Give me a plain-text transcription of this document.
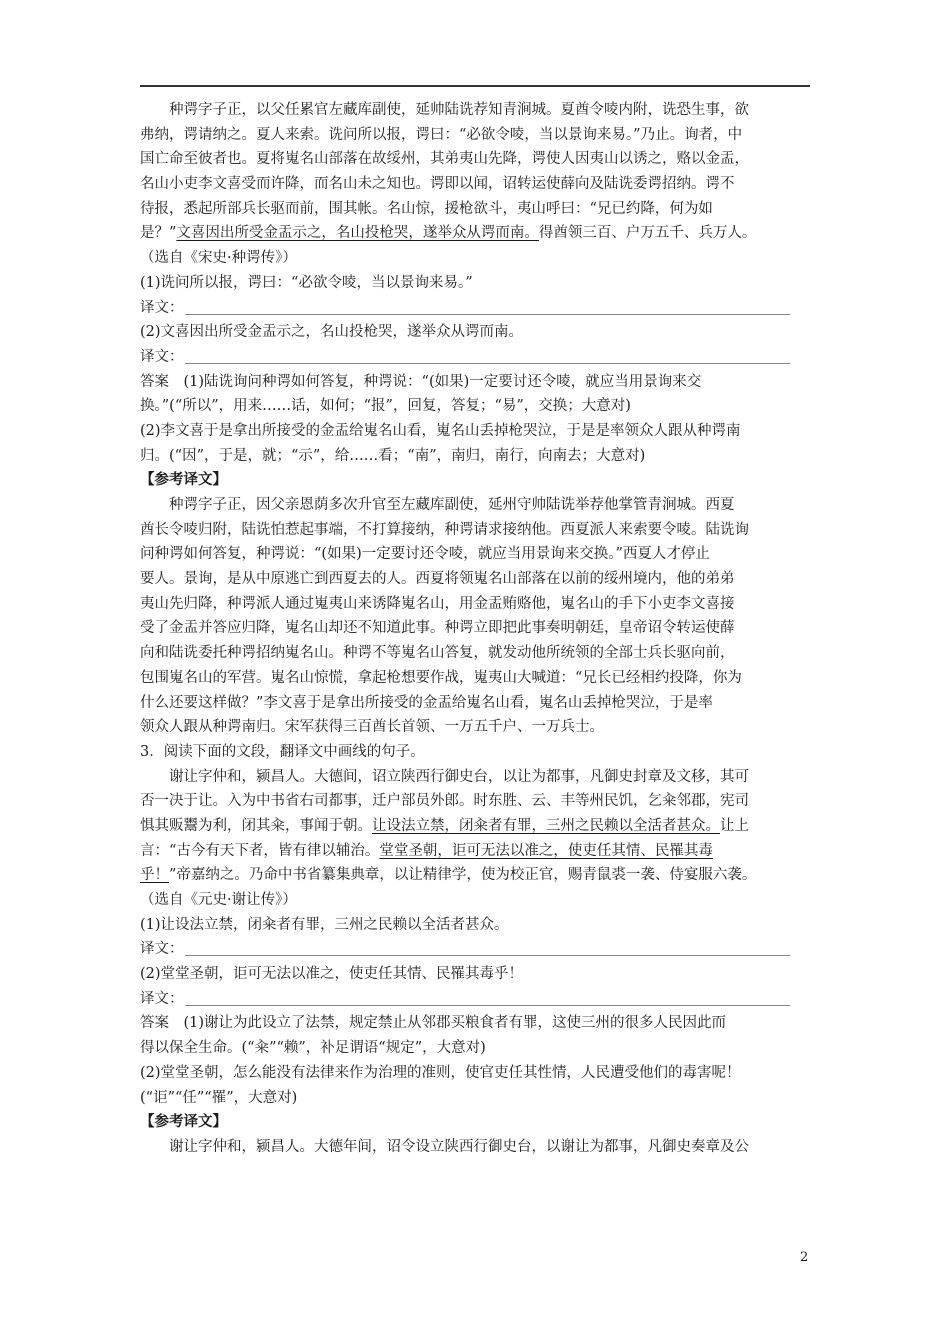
种谔字子正，以父任累官左藏库副使，延帅陆诜荐知青涧城。夏酋令㖫内附，诜恐生事，欲
弗纳，谔请纳之。夏人来索。诜问所以报，谔曰：“必欲令㖫，当以景询来易。”乃止。询者，中
国亡命至彼者也。夏将嵬名山部落在故绥州，其弟夷山先降，谔使人因夷山以诱之，赂以金盂，
名山小吏李文喜受而许降，而名山未之知也。谔即以闻，诏转运使薛向及陆诜委谔招纳。谔不
待报，悉起所部兵长驱而前，围其帐。名山惊，援枪欲斗，夷山呼曰：“兄已约降，何为如
是？”文喜因出所受金盂示之，名山投枪哭，遂举众从谔而南。得酋领三百、户万五千、兵万人。
（选自《宋史·种谔传》）
(1)诜问所以报，谔曰：“必欲令㖫，当以景询来易。”
译文：
(2)文喜因出所受金盂示之，名山投枪哭，遂举众从谔而南。
译文：
答案　(1)陆诜询问种谔如何答复，种谔说：“(如果)一定要讨还令㖫，就应当用景询来交
换。”(“所以”，用来……话，如何；“报”，回复，答复；“易”，交换；大意对)
(2)李文喜于是拿出所接受的金盂给嵬名山看，嵬名山丢掉枪哭泣，于是是率领众人跟从种谔南
归。(“因”，于是，就；“示”，给……看；“南”，南归，南行，向南去；大意对)
【参考译文】
种谔字子正，因父亲恩荫多次升官至左藏库副使，延州守帅陆诜举荐他掌管青涧城。西夏
酋长令㖫归附，陆诜怕惹起事端，不打算接纳，种谔请求接纳他。西夏派人来索要令㖫。陆诜询
问种谔如何答复，种谔说：“(如果)一定要讨还令㖫，就应当用景询来交换。”西夏人才停止
要人。景询，是从中原逃亡到西夏去的人。西夏将领嵬名山部落在以前的绥州境内，他的弟弟
夷山先归降，种谔派人通过嵬夷山来诱降嵬名山，用金盂贿赂他，嵬名山的手下小吏李文喜接
受了金盂并答应归降，嵬名山却还不知道此事。种谔立即把此事奏明朝廷，皇帝诏令转运使薛
向和陆诜委托种谔招纳嵬名山。种谔不等嵬名山答复，就发动他所统领的全部士兵长驱向前，
包围嵬名山的军营。嵬名山惊慌，拿起枪想要作战，嵬夷山大喊道：“兄长已经相约投降，你为
什么还要这样做？”李文喜于是拿出所接受的金盂给嵬名山看，嵬名山丢掉枪哭泣，于是率
领众人跟从种谔南归。宋军获得三百酋长首领、一万五千户、一万兵士。
3．阅读下面的文段，翻译文中画线的句子。
谢让字仲和，颍昌人。大德间，诏立陕西行御史台，以让为都事，凡御史封章及文移，其可
否一决于让。入为中书省右司都事，迁户部员外郎。时东胜、云、丰等州民饥，乞籴邻郡，宪司
惧其贩鬻为利，闭其籴，事闻于朝。让设法立禁，闭籴者有罪，三州之民赖以全活者甚众。让上
言：“古今有天下者，皆有律以辅治。堂堂圣朝，讵可无法以准之，使吏任其情、民罹其毒
乎！”帝嘉纳之。乃命中书省纂集典章，以让精律学，使为校正官，赐青鼠裘一袭、侍宴服六袭。
（选自《元史·谢让传》）
(1)让设法立禁，闭籴者有罪，三州之民赖以全活者甚众。
译文：
(2)堂堂圣朝，讵可无法以准之，使吏任其情、民罹其毒乎！
译文：
答案　(1)谢让为此设立了法禁，规定禁止从邻郡买粮食者有罪，这使三州的很多人民因此而
得以保全生命。(“籴”“赖”，补足谓语“规定”，大意对)
(2)堂堂圣朝，怎么能没有法律来作为治理的准则，使官吏任其性情，人民遭受他们的毒害呢！
(“讵”“任”“罹”，大意对)
【参考译文】
谢让字仲和，颍昌人。大德年间，诏令设立陕西行御史台，以谢让为都事，凡御史奏章及公
2
